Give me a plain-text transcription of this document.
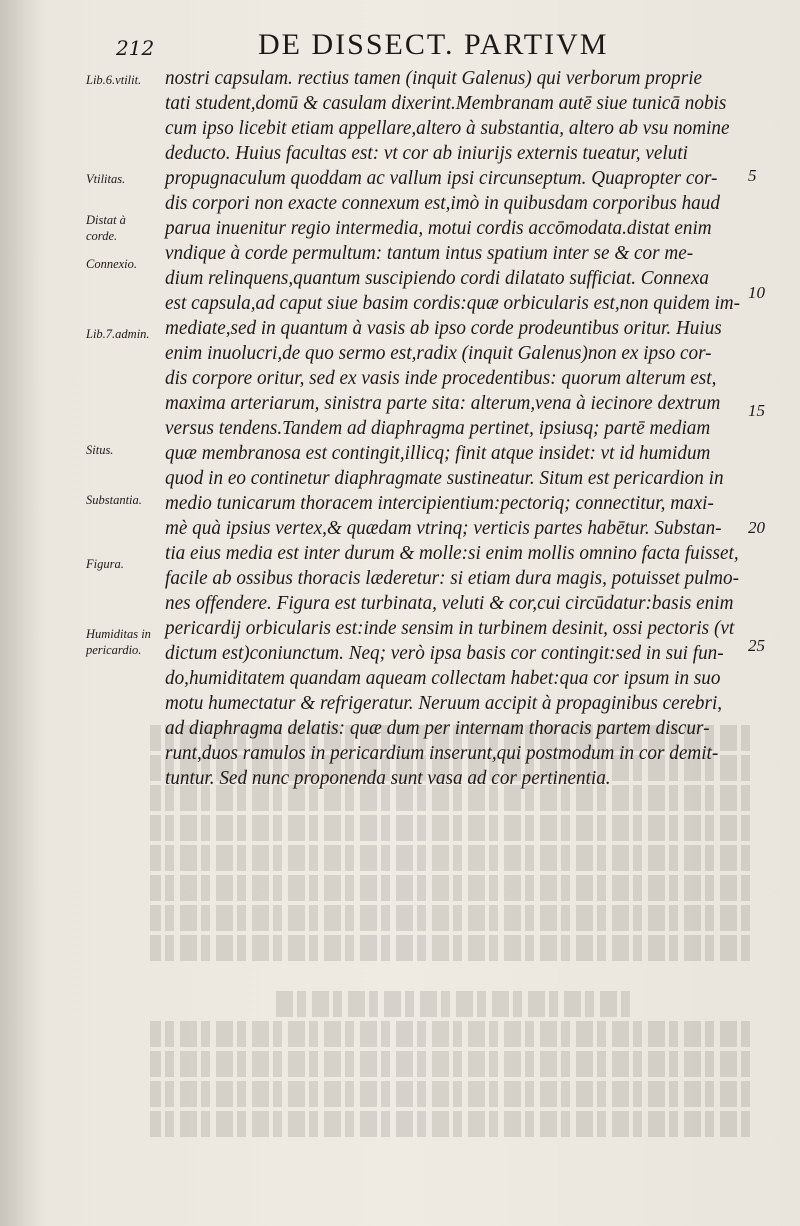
212	DE DISSECT. PARTIVM
Lib.6.vtilit.
Vtilitas.
Distat à corde.
Connexio.
Lib.7.admin.
Situs.
Substantia.
Figura.
Humiditas in pericardio.
5
10
15
20
25
nostri capsulam. rectius tamen (inquit Galenus) qui verborum proprie
tati student,domū & casulam dixerint.Membranam autē siue tunicā nobis
cum ipso licebit etiam appellare,altero à substantia, altero ab vsu nomine
deducto. Huius facultas est: vt cor ab iniurijs externis tueatur, veluti
propugnaculum quoddam ac vallum ipsi circunseptum. Quapropter cor-
dis corpori non exacte connexum est,imò in quibusdam corporibus haud
parua inuenitur regio intermedia, motui cordis accōmodata.distat enim
vndique à corde permultum: tantum intus spatium inter se & cor me-
dium relinquens,quantum suscipiendo cordi dilatato sufficiat. Connexa
est capsula,ad caput siue basim cordis:quæ orbicularis est,non quidem im-
mediate,sed in quantum à vasis ab ipso corde prodeuntibus oritur. Huius
enim inuolucri,de quo sermo est,radix (inquit Galenus)non ex ipso cor-
dis corpore oritur, sed ex vasis inde procedentibus: quorum alterum est,
maxima arteriarum, sinistra parte sita: alterum,vena à iecinore dextrum
versus tendens.Tandem ad diaphragma pertinet, ipsiusq; partē mediam
quæ membranosa est contingit,illicq; finit atque insidet: vt id humidum
quod in eo continetur diaphragmate sustineatur. Situm est pericardion in
medio tunicarum thoracem intercipientium:pectoriq; connectitur, maxi-
mè quà ipsius vertex,& quædam vtrinq; verticis partes habētur. Substan-
tia eius media est inter durum & molle:si enim mollis omnino facta fuisset,
facile ab ossibus thoracis læderetur: si etiam dura magis, potuisset pulmo-
nes offendere. Figura est turbinata, veluti & cor,cui circūdatur:basis enim
pericardij orbicularis est:inde sensim in turbinem desinit, ossi pectoris (vt
dictum est)coniunctum. Neq; verò ipsa basis cor contingit:sed in sui fun-
do,humiditatem quandam aqueam collectam habet:qua cor ipsum in suo
motu humectatur & refrigeratur. Neruum accipit à propaginibus cerebri,
ad diaphragma delatis: quæ dum per internam thoracis partem discur-
runt,duos ramulos in pericardium inserunt,qui postmodum in cor demit-
tuntur. Sed nunc proponenda sunt vasa ad cor pertinentia.
